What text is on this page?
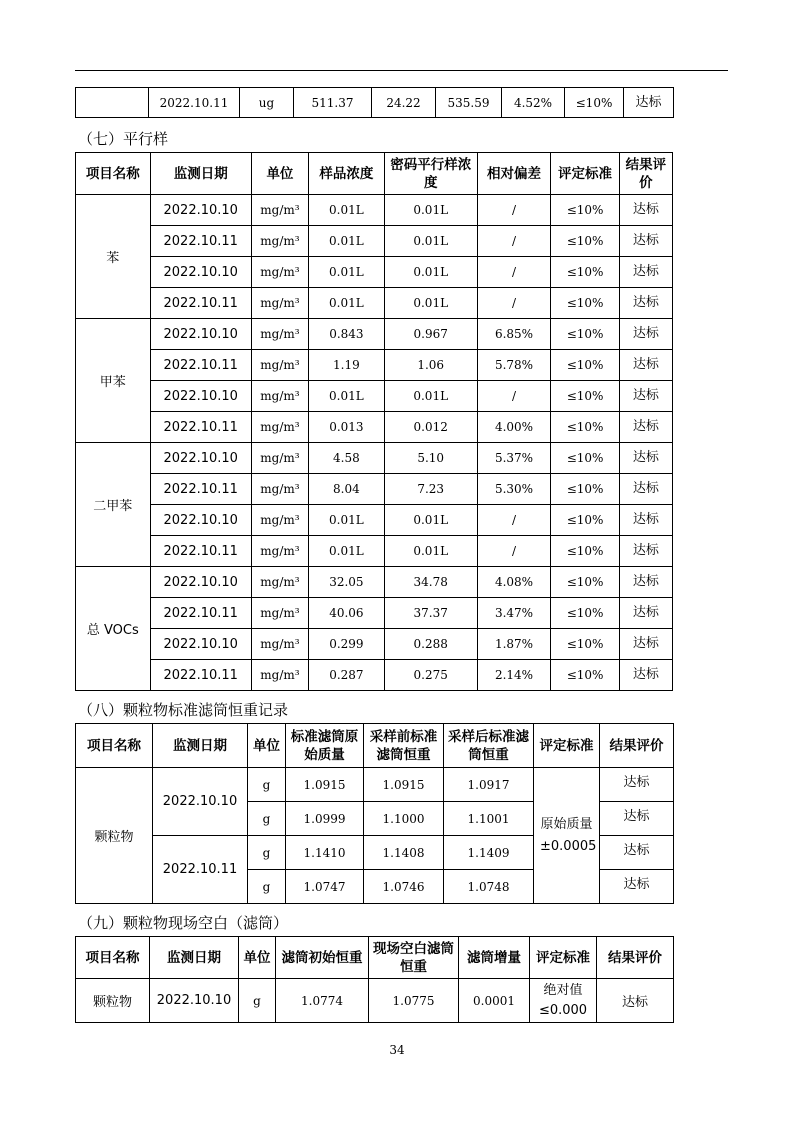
	2022.10.11	ug	511.37	24.22	535.59	4.52%	≤10%	达标
（七）平行样
项目名称	监测日期	单位	样品浓度	密码平行样浓度	相对偏差	评定标准	结果评价
苯	2022.10.10	mg/m³	0.01L	0.01L	/	≤10%	达标
	2022.10.11	mg/m³	0.01L	0.01L	/	≤10%	达标
	2022.10.10	mg/m³	0.01L	0.01L	/	≤10%	达标
	2022.10.11	mg/m³	0.01L	0.01L	/	≤10%	达标
甲苯	2022.10.10	mg/m³	0.843	0.967	6.85%	≤10%	达标
	2022.10.11	mg/m³	1.19	1.06	5.78%	≤10%	达标
	2022.10.10	mg/m³	0.01L	0.01L	/	≤10%	达标
	2022.10.11	mg/m³	0.013	0.012	4.00%	≤10%	达标
二甲苯	2022.10.10	mg/m³	4.58	5.10	5.37%	≤10%	达标
	2022.10.11	mg/m³	8.04	7.23	5.30%	≤10%	达标
	2022.10.10	mg/m³	0.01L	0.01L	/	≤10%	达标
	2022.10.11	mg/m³	0.01L	0.01L	/	≤10%	达标
总 VOCs	2022.10.10	mg/m³	32.05	34.78	4.08%	≤10%	达标
	2022.10.11	mg/m³	40.06	37.37	3.47%	≤10%	达标
	2022.10.10	mg/m³	0.299	0.288	1.87%	≤10%	达标
	2022.10.11	mg/m³	0.287	0.275	2.14%	≤10%	达标
（八）颗粒物标准滤筒恒重记录
项目名称	监测日期	单位	标准滤筒原始质量	采样前标准滤筒恒重	采样后标准滤筒恒重	评定标准	结果评价
颗粒物	2022.10.10	g	1.0915	1.0915	1.0917	原始质量±0.0005	达标
		g	1.0999	1.1000	1.1001		达标
	2022.10.11	g	1.1410	1.1408	1.1409		达标
		g	1.0747	1.0746	1.0748		达标
（九）颗粒物现场空白（滤筒）
项目名称	监测日期	单位	滤筒初始恒重	现场空白滤筒恒重	滤筒增量	评定标准	结果评价
颗粒物	2022.10.10	g	1.0774	1.0775	0.0001	绝对值≤0.000	达标
34
